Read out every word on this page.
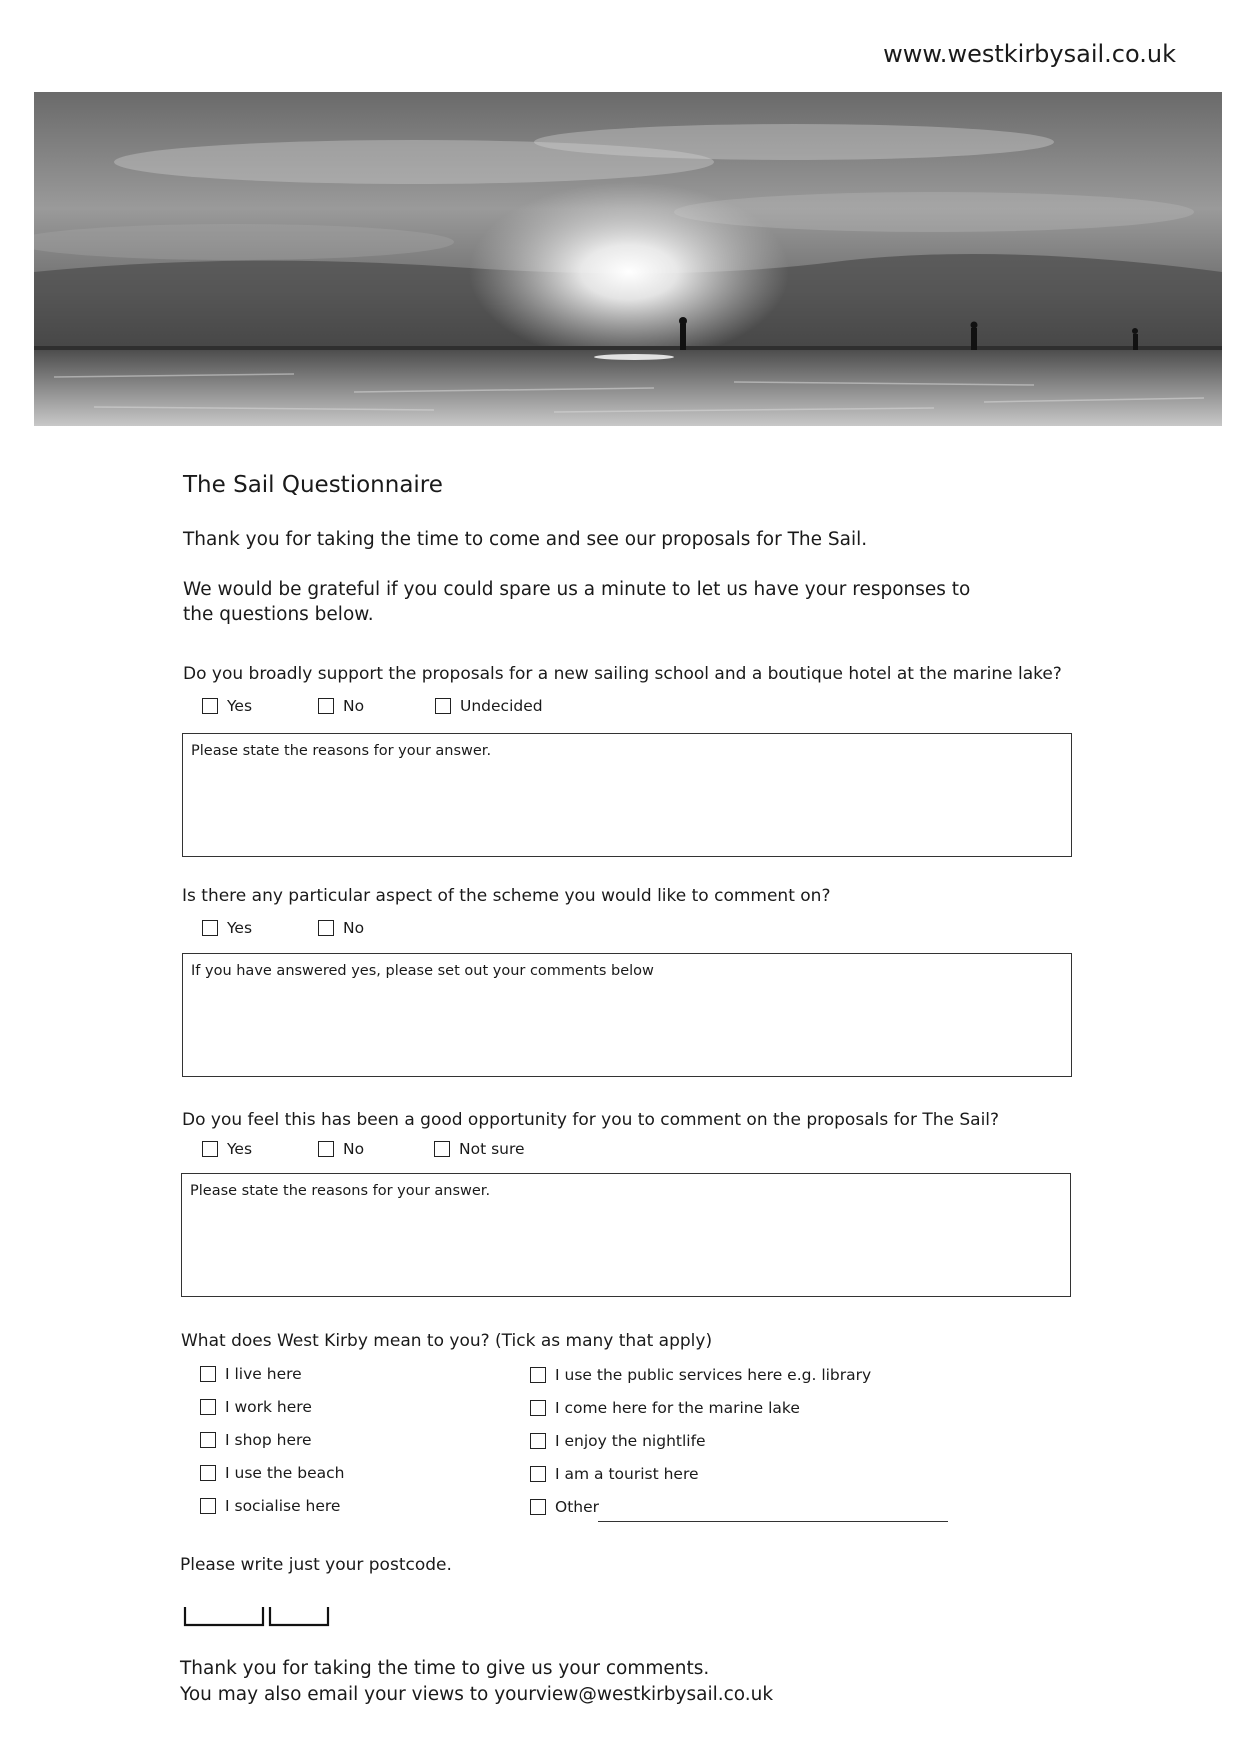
www.westkirbysail.co.uk
The Sail Questionnaire
Thank you for taking the time to come and see our proposals for The Sail.
We would be grateful if you could spare us a minute to let us have your responses to the questions below.
Do you broadly support the proposals for a new sailing school and a boutique hotel at the marine lake?
Yes	No	Undecided
Please state the reasons for your answer.
Is there any particular aspect of the scheme you would like to comment on?
Yes	No
If you have answered yes, please set out your comments below
Do you feel this has been a good opportunity for you to comment on the proposals for The Sail?
Yes	No	Not sure
Please state the reasons for your answer.
What does West Kirby mean to you? (Tick as many that apply)
I live here
I work here
I shop here
I use the beach
I socialise here
I use the public services here e.g. library
I come here for the marine lake
I enjoy the nightlife
I am a tourist here
Other
Please write just your postcode.
Thank you for taking the time to give us your comments.
You may also email your views to yourview@westkirbysail.co.uk
